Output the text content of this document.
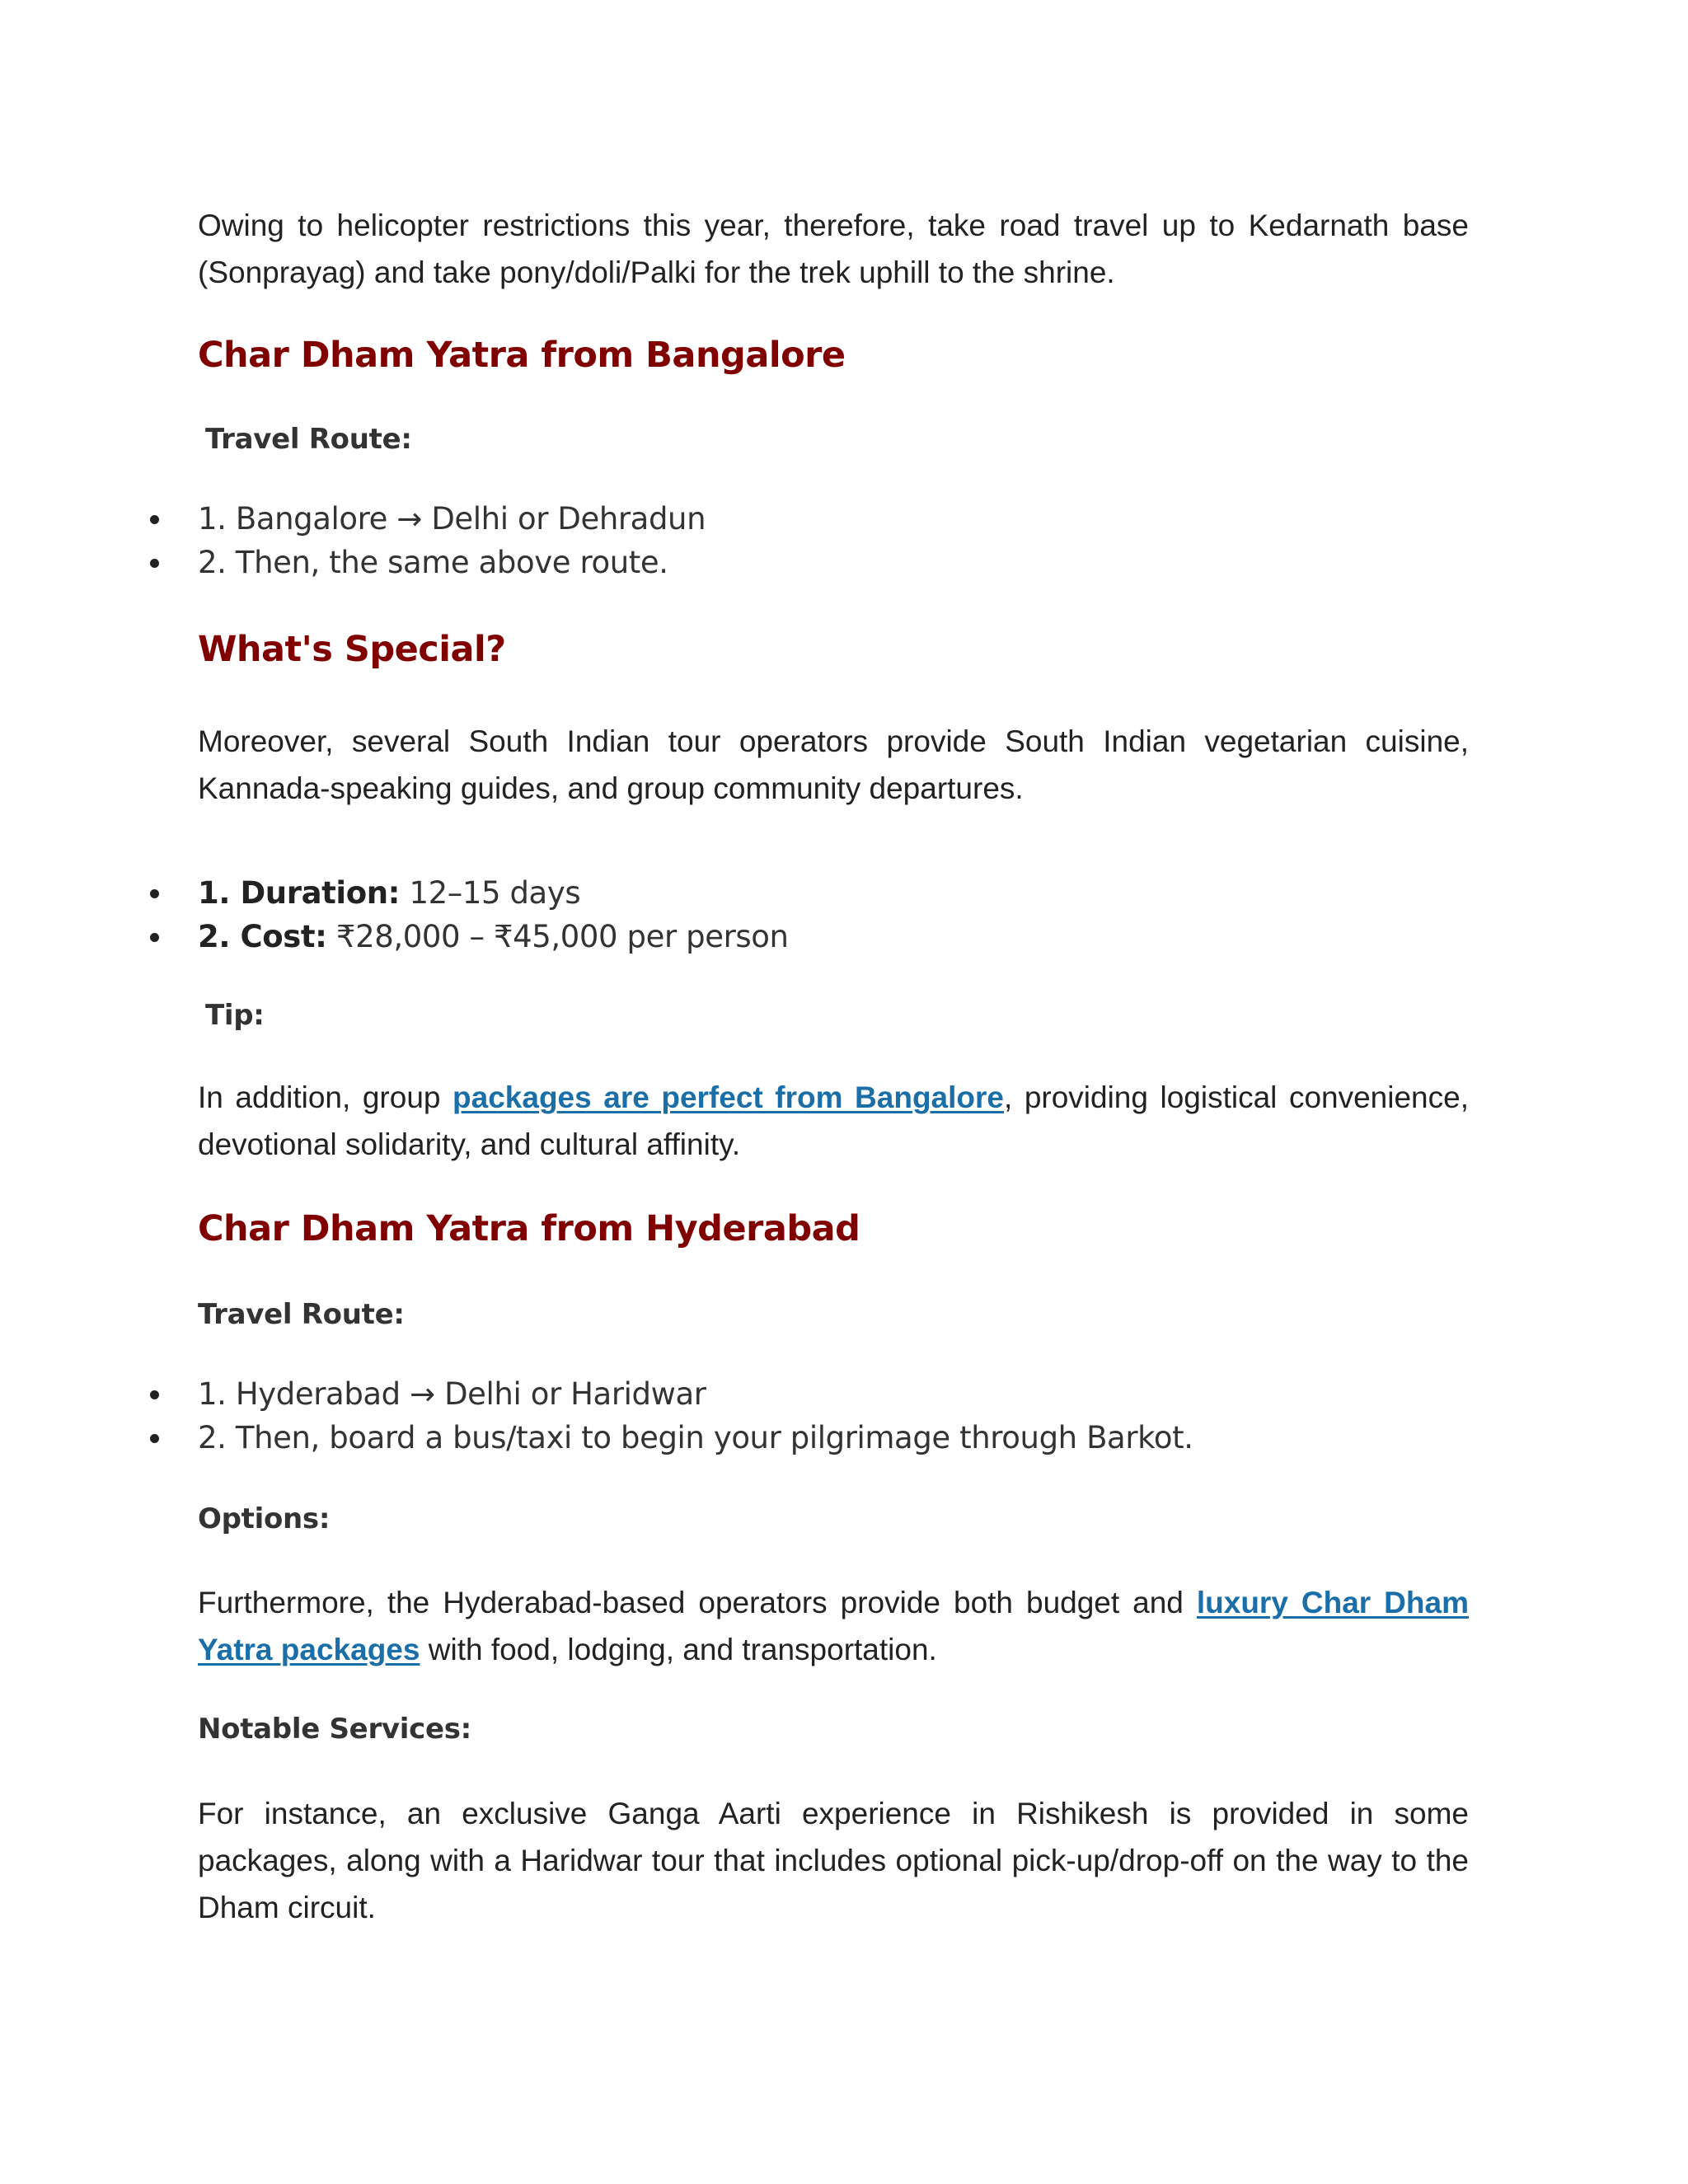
Owing to helicopter restrictions this year, therefore, take road travel up to Kedarnath base (Sonprayag) and take pony/doli/Palki for the trek uphill to the shrine.

Char Dham Yatra from Bangalore
Travel Route:
1. Bangalore → Delhi or Dehradun
2. Then, the same above route.
What's Special?

Moreover, several South Indian tour operators provide South Indian vegetarian cuisine, Kannada-speaking guides, and group community departures.

1. Duration: 12–15 days
2. Cost: ₹28,000 – ₹45,000 per person
Tip:

In addition, group packages are perfect from Bangalore, providing logistical convenience, devotional solidarity, and cultural affinity.

Char Dham Yatra from Hyderabad
Travel Route:
1. Hyderabad → Delhi or Haridwar
2. Then, board a bus/taxi to begin your pilgrimage through Barkot.
Options:

Furthermore, the Hyderabad-based operators provide both budget and luxury Char Dham Yatra packages with food, lodging, and transportation.

Notable Services:

For instance, an exclusive Ganga Aarti experience in Rishikesh is provided in some packages, along with a Haridwar tour that includes optional pick-up/drop-off on the way to the Dham circuit.
